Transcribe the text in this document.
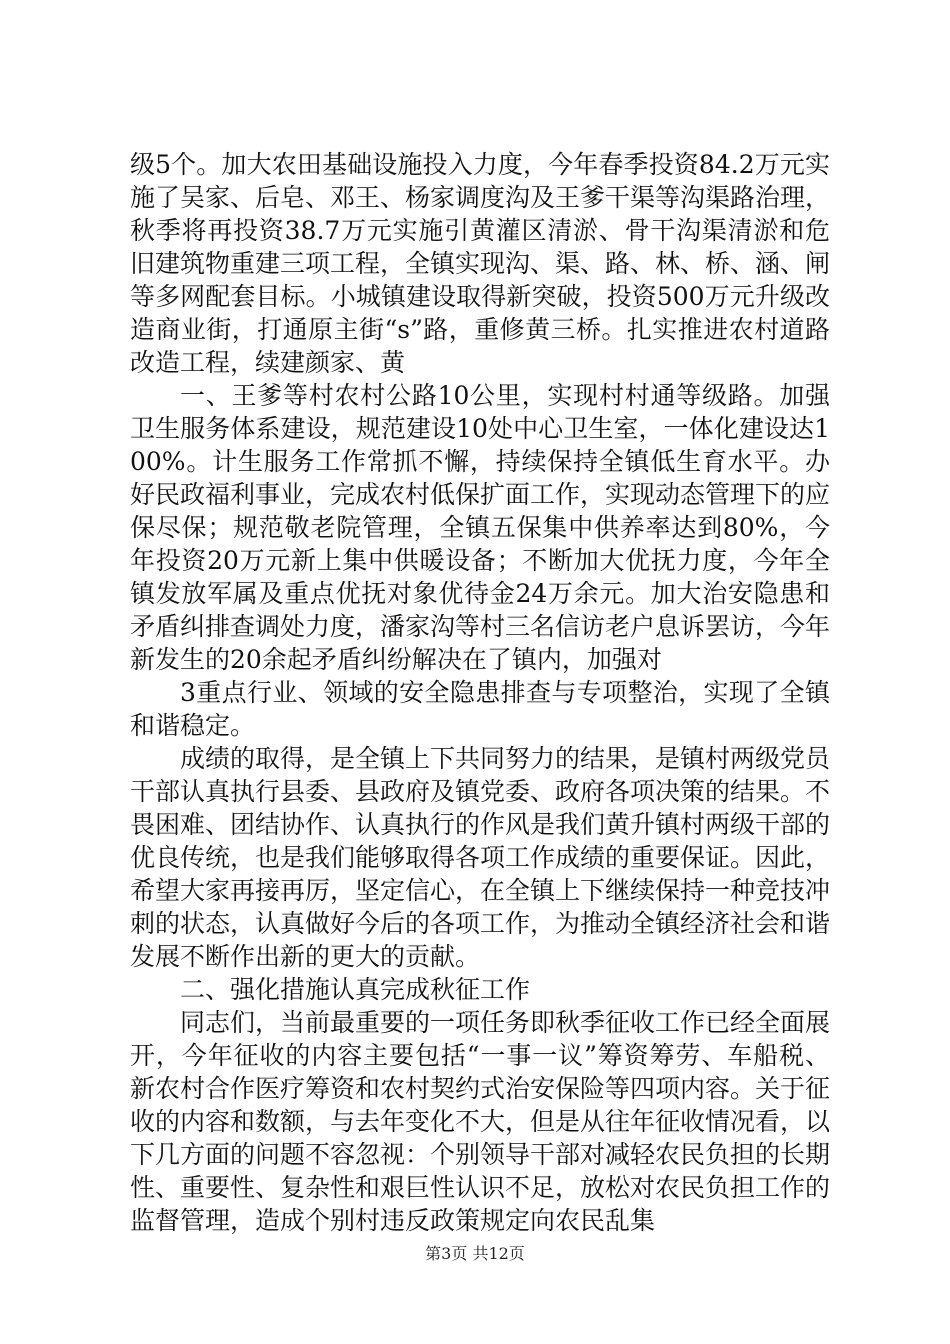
级5个。加大农田基础设施投入力度，今年春季投资84.2万元实施了吴家、后皂、邓王、杨家调度沟及王爹干渠等沟渠路治理，秋季将再投资38.7万元实施引黄灌区清淤、骨干沟渠清淤和危旧建筑物重建三项工程，全镇实现沟、渠、路、林、桥、涵、闸等多网配套目标。小城镇建设取得新突破，投资500万元升级改造商业街，打通原主街“s”路，重修黄三桥。扎实推进农村道路改造工程，续建颜家、黄

一、王爹等村农村公路10公里，实现村村通等级路。加强卫生服务体系建设，规范建设10处中心卫生室，一体化建设达100%。计生服务工作常抓不懈，持续保持全镇低生育水平。办好民政福利事业，完成农村低保扩面工作，实现动态管理下的应保尽保；规范敬老院管理，全镇五保集中供养率达到80%，今年投资20万元新上集中供暖设备；不断加大优抚力度，今年全镇发放军属及重点优抚对象优待金24万余元。加大治安隐患和矛盾纠排查调处力度，潘家沟等村三名信访老户息诉罢访，今年新发生的20余起矛盾纠纷解决在了镇内，加强对

3重点行业、领域的安全隐患排查与专项整治，实现了全镇和谐稳定。

成绩的取得，是全镇上下共同努力的结果，是镇村两级党员干部认真执行县委、县政府及镇党委、政府各项决策的结果。不畏困难、团结协作、认真执行的作风是我们黄升镇村两级干部的优良传统，也是我们能够取得各项工作成绩的重要保证。因此，希望大家再接再厉，坚定信心，在全镇上下继续保持一种竞技冲刺的状态，认真做好今后的各项工作，为推动全镇经济社会和谐发展不断作出新的更大的贡献。

二、强化措施认真完成秋征工作

同志们，当前最重要的一项任务即秋季征收工作已经全面展开，今年征收的内容主要包括“一事一议”筹资筹劳、车船税、新农村合作医疗筹资和农村契约式治安保险等四项内容。关于征收的内容和数额，与去年变化不大，但是从往年征收情况看，以下几方面的问题不容忽视：个别领导干部对减轻农民负担的长期性、重要性、复杂性和艰巨性认识不足，放松对农民负担工作的监督管理，造成个别村违反政策规定向农民乱集

第3页 共12页
